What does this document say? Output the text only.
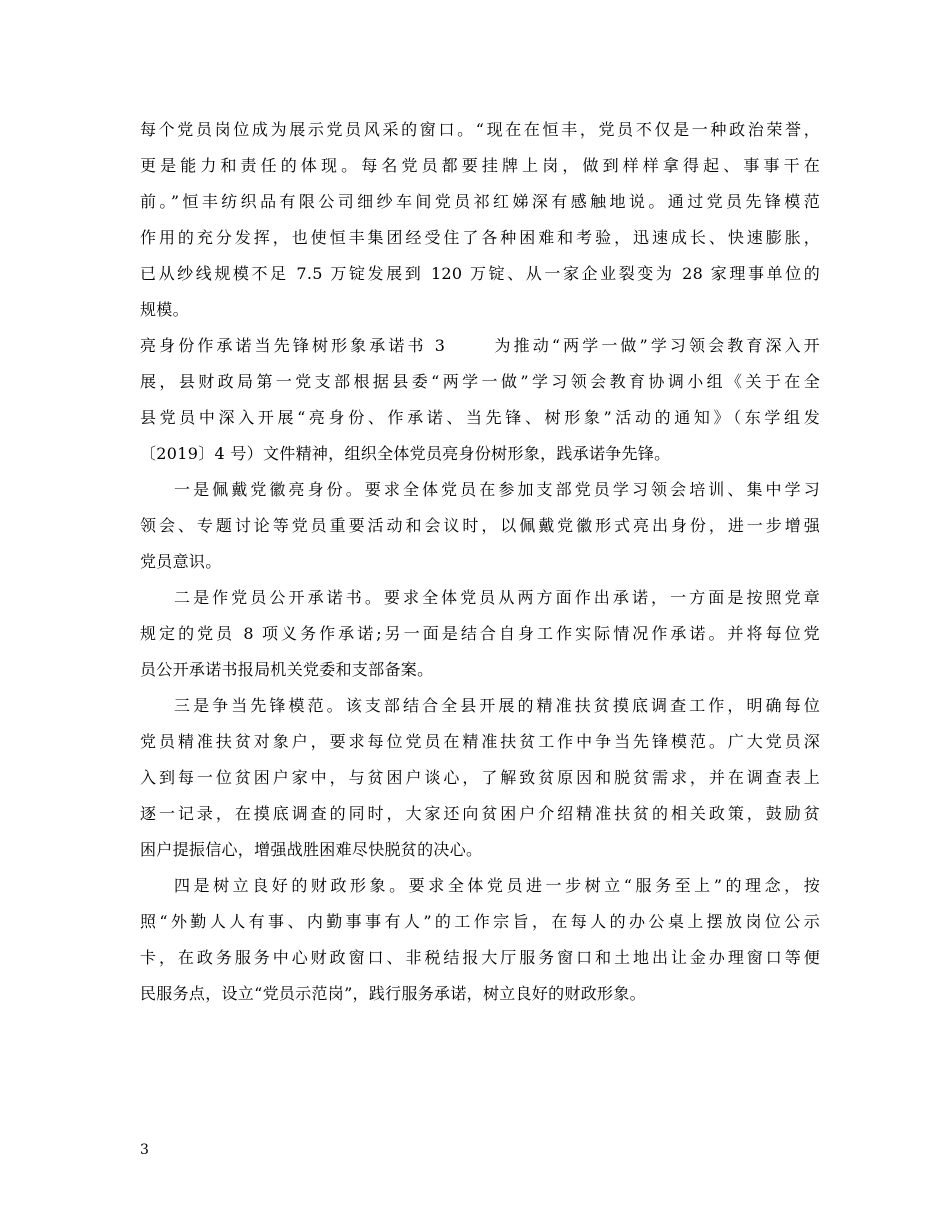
每个党员岗位成为展示党员风采的窗口。“现在在恒丰，党员不仅是一种政治荣誉，
更是能力和责任的体现。每名党员都要挂牌上岗，做到样样拿得起、事事干在
前。”恒丰纺织品有限公司细纱车间党员祁红娣深有感触地说。通过党员先锋模范
作用的充分发挥，也使恒丰集团经受住了各种困难和考验，迅速成长、快速膨胀，
已从纱线规模不足 7.5 万锭发展到 120 万锭、从一家企业裂变为 28 家理事单位的
规模。
亮身份作承诺当先锋树形象承诺书 3　　 为推动“两学一做”学习领会教育深入开
展，县财政局第一党支部根据县委“两学一做”学习领会教育协调小组《关于在全
县党员中深入开展“亮身份、作承诺、当先锋、树形象”活动的通知》（东学组发
〔2019〕4 号）文件精神，组织全体党员亮身份树形象，践承诺争先锋。
一是佩戴党徽亮身份。要求全体党员在参加支部党员学习领会培训、集中学习
领会、专题讨论等党员重要活动和会议时，以佩戴党徽形式亮出身份，进一步增强
党员意识。
二是作党员公开承诺书。要求全体党员从两方面作出承诺，一方面是按照党章
规定的党员 8 项义务作承诺;另一面是结合自身工作实际情况作承诺。并将每位党
员公开承诺书报局机关党委和支部备案。
三是争当先锋模范。该支部结合全县开展的精准扶贫摸底调查工作，明确每位
党员精准扶贫对象户，要求每位党员在精准扶贫工作中争当先锋模范。广大党员深
入到每一位贫困户家中，与贫困户谈心，了解致贫原因和脱贫需求，并在调查表上
逐一记录，在摸底调查的同时，大家还向贫困户介绍精准扶贫的相关政策，鼓励贫
困户提振信心，增强战胜困难尽快脱贫的决心。
四是树立良好的财政形象。要求全体党员进一步树立“服务至上”的理念，按
照“外勤人人有事、内勤事事有人”的工作宗旨，在每人的办公桌上摆放岗位公示
卡，在政务服务中心财政窗口、非税结报大厅服务窗口和土地出让金办理窗口等便
民服务点，设立“党员示范岗”，践行服务承诺，树立良好的财政形象。
3
